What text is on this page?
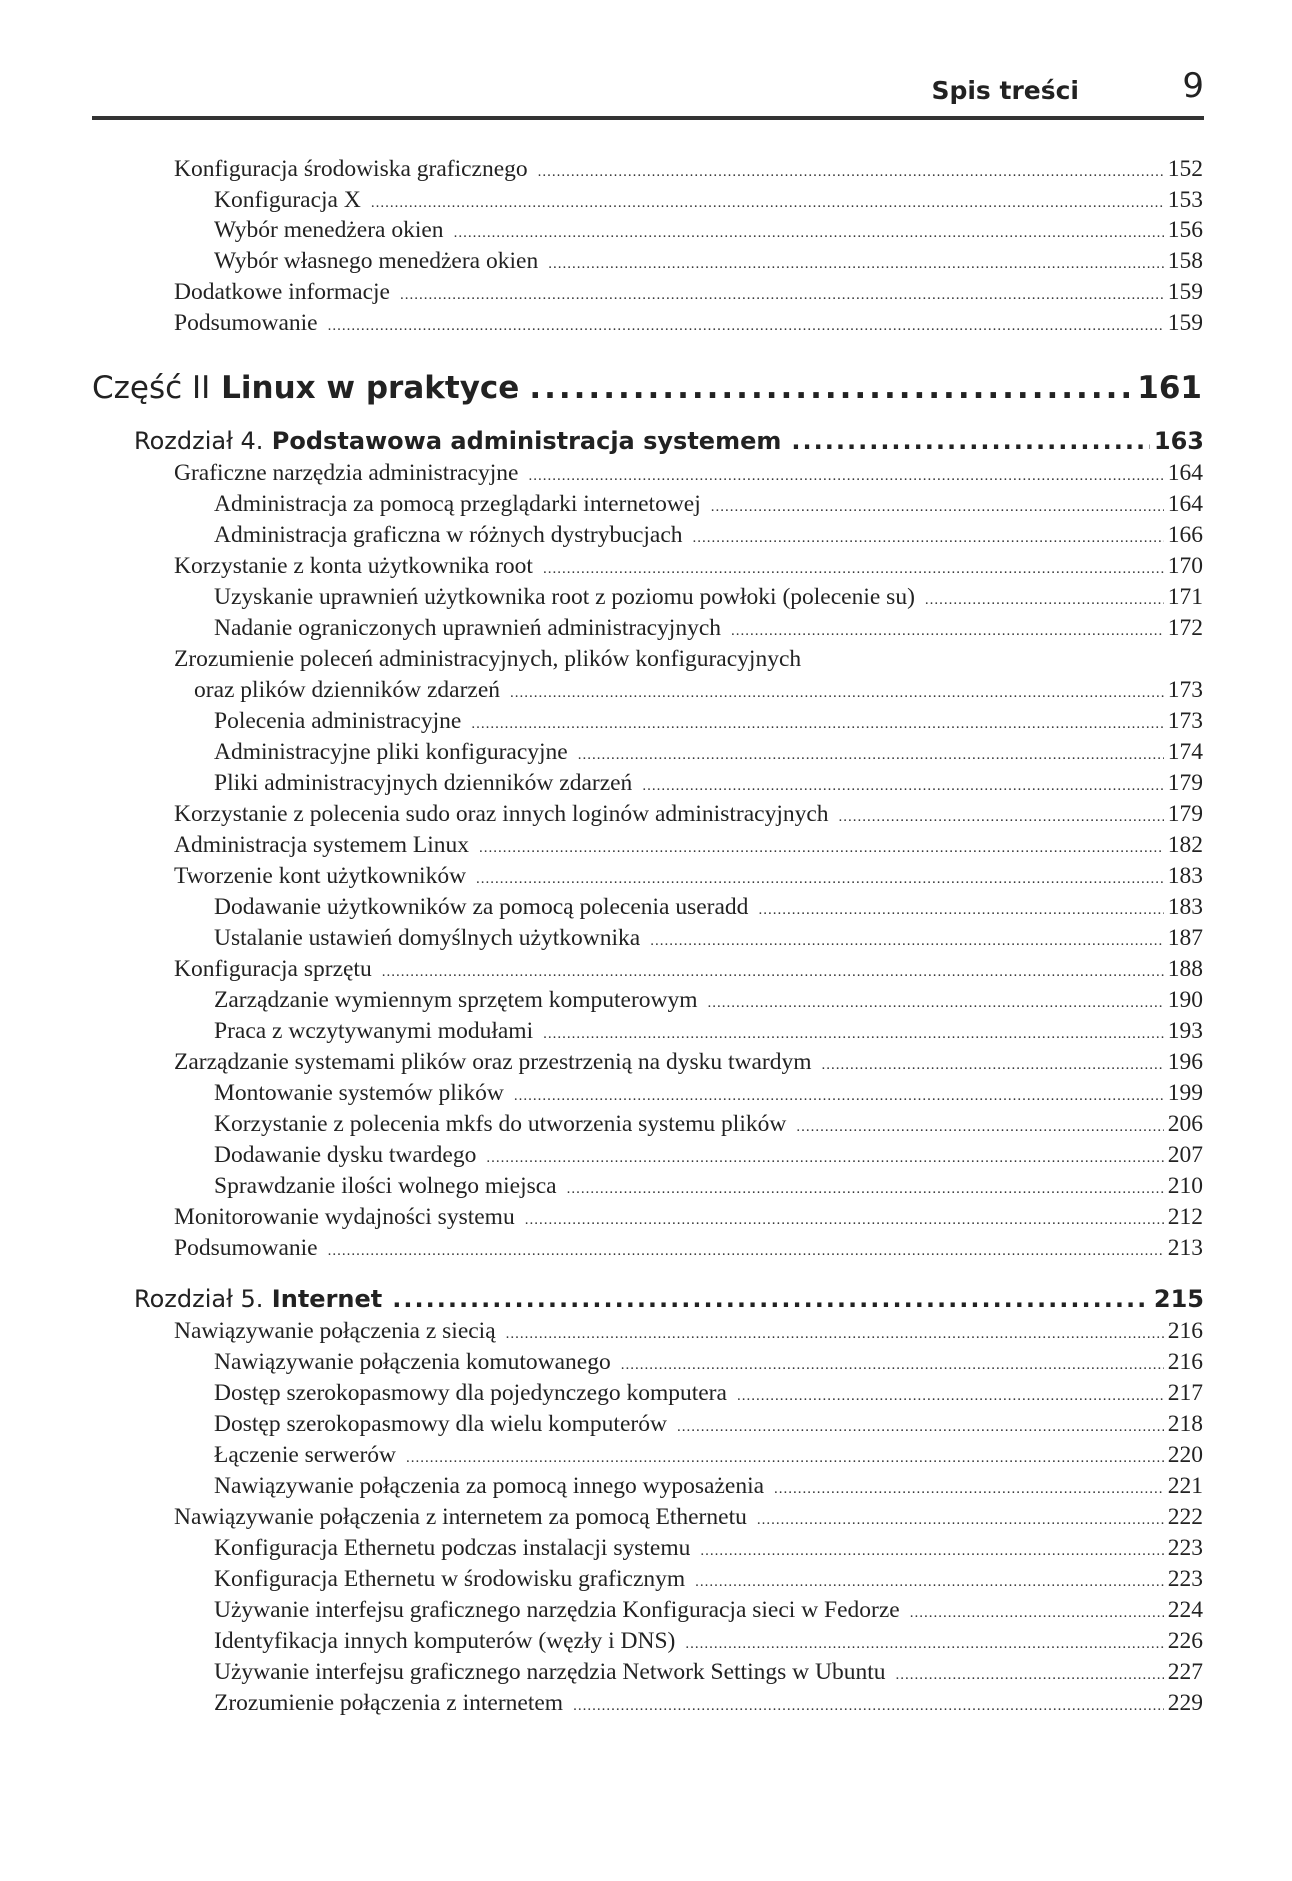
Spis treści	9
Konfiguracja środowiska graficznego .....	152
Konfiguracja X .....	153
Wybór menedżera okien .....	156
Wybór własnego menedżera okien .....	158
Dodatkowe informacje .....	159
Podsumowanie .....	159
Część II Linux w praktyce .....	161
Rozdział 4. Podstawowa administracja systemem .....	163
Graficzne narzędzia administracyjne .....	164
Administracja za pomocą przeglądarki internetowej .....	164
Administracja graficzna w różnych dystrybucjach .....	166
Korzystanie z konta użytkownika root .....	170
Uzyskanie uprawnień użytkownika root z poziomu powłoki (polecenie su) .....	171
Nadanie ograniczonych uprawnień administracyjnych .....	172
Zrozumienie poleceń administracyjnych, plików konfiguracyjnych
oraz plików dzienników zdarzeń .....	173
Polecenia administracyjne .....	173
Administracyjne pliki konfiguracyjne .....	174
Pliki administracyjnych dzienników zdarzeń .....	179
Korzystanie z polecenia sudo oraz innych loginów administracyjnych .....	179
Administracja systemem Linux .....	182
Tworzenie kont użytkowników .....	183
Dodawanie użytkowników za pomocą polecenia useradd .....	183
Ustalanie ustawień domyślnych użytkownika .....	187
Konfiguracja sprzętu .....	188
Zarządzanie wymiennym sprzętem komputerowym .....	190
Praca z wczytywanymi modułami .....	193
Zarządzanie systemami plików oraz przestrzenią na dysku twardym .....	196
Montowanie systemów plików .....	199
Korzystanie z polecenia mkfs do utworzenia systemu plików .....	206
Dodawanie dysku twardego .....	207
Sprawdzanie ilości wolnego miejsca .....	210
Monitorowanie wydajności systemu .....	212
Podsumowanie .....	213
Rozdział 5. Internet .....	215
Nawiązywanie połączenia z siecią .....	216
Nawiązywanie połączenia komutowanego .....	216
Dostęp szerokopasmowy dla pojedynczego komputera .....	217
Dostęp szerokopasmowy dla wielu komputerów .....	218
Łączenie serwerów .....	220
Nawiązywanie połączenia za pomocą innego wyposażenia .....	221
Nawiązywanie połączenia z internetem za pomocą Ethernetu .....	222
Konfiguracja Ethernetu podczas instalacji systemu .....	223
Konfiguracja Ethernetu w środowisku graficznym .....	223
Używanie interfejsu graficznego narzędzia Konfiguracja sieci w Fedorze .....	224
Identyfikacja innych komputerów (węzły i DNS) .....	226
Używanie interfejsu graficznego narzędzia Network Settings w Ubuntu .....	227
Zrozumienie połączenia z internetem .....	229
